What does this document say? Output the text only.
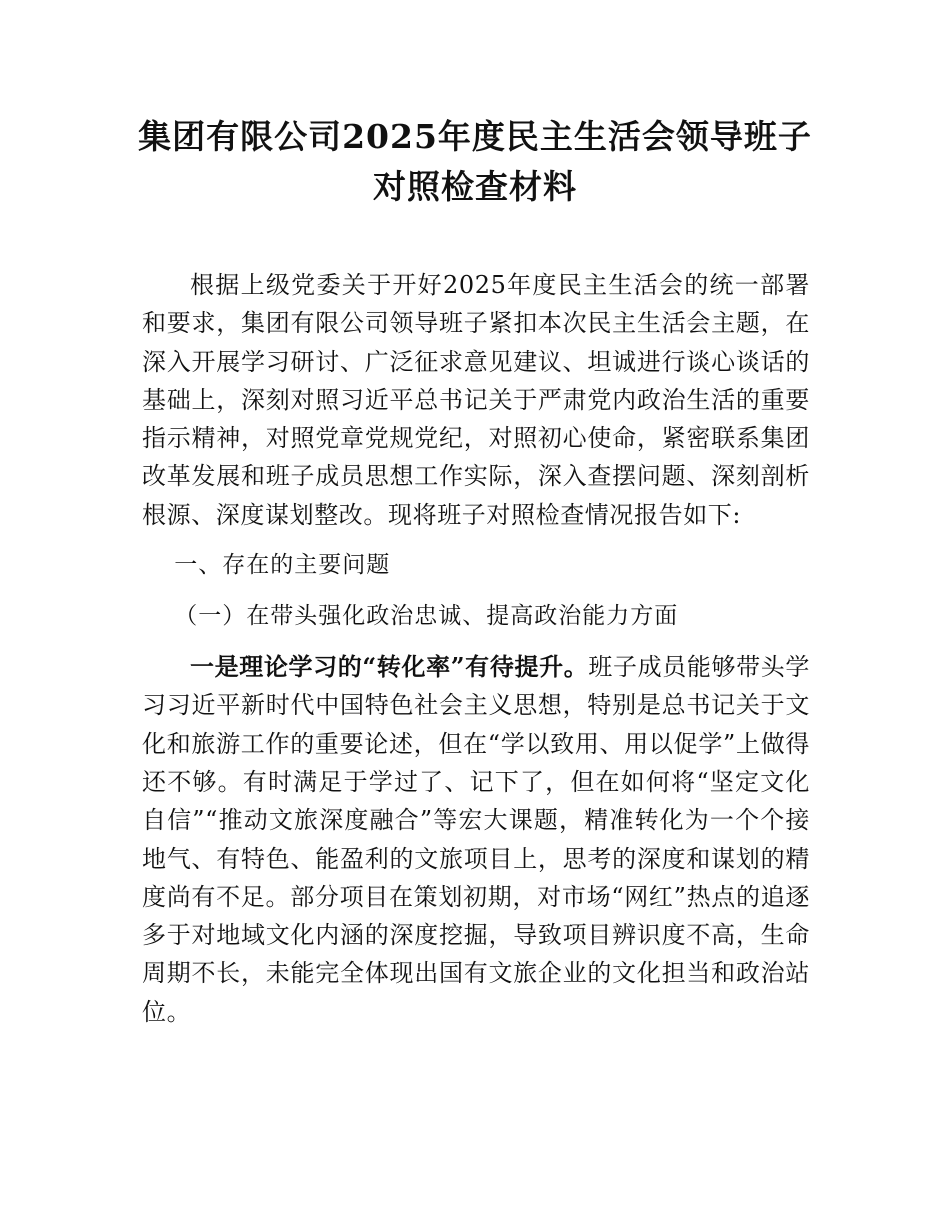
集团有限公司2025年度民主生活会领导班子
对照检查材料

根据上级党委关于开好2025年度民主生活会的统一部署和要求，集团有限公司领导班子紧扣本次民主生活会主题，在深入开展学习研讨、广泛征求意见建议、坦诚进行谈心谈话的基础上，深刻对照习近平总书记关于严肃党内政治生活的重要指示精神，对照党章党规党纪，对照初心使命，紧密联系集团改革发展和班子成员思想工作实际，深入查摆问题、深刻剖析根源、深度谋划整改。现将班子对照检查情况报告如下:

一、存在的主要问题

（一）在带头强化政治忠诚、提高政治能力方面

一是理论学习的“转化率”有待提升。班子成员能够带头学习习近平新时代中国特色社会主义思想，特别是总书记关于文化和旅游工作的重要论述，但在“学以致用、用以促学”上做得还不够。有时满足于学过了、记下了，但在如何将“坚定文化自信”“推动文旅深度融合”等宏大课题，精准转化为一个个接地气、有特色、能盈利的文旅项目上，思考的深度和谋划的精度尚有不足。部分项目在策划初期，对市场“网红”热点的追逐多于对地域文化内涵的深度挖掘，导致项目辨识度不高，生命周期不长，未能完全体现出国有文旅企业的文化担当和政治站位。
